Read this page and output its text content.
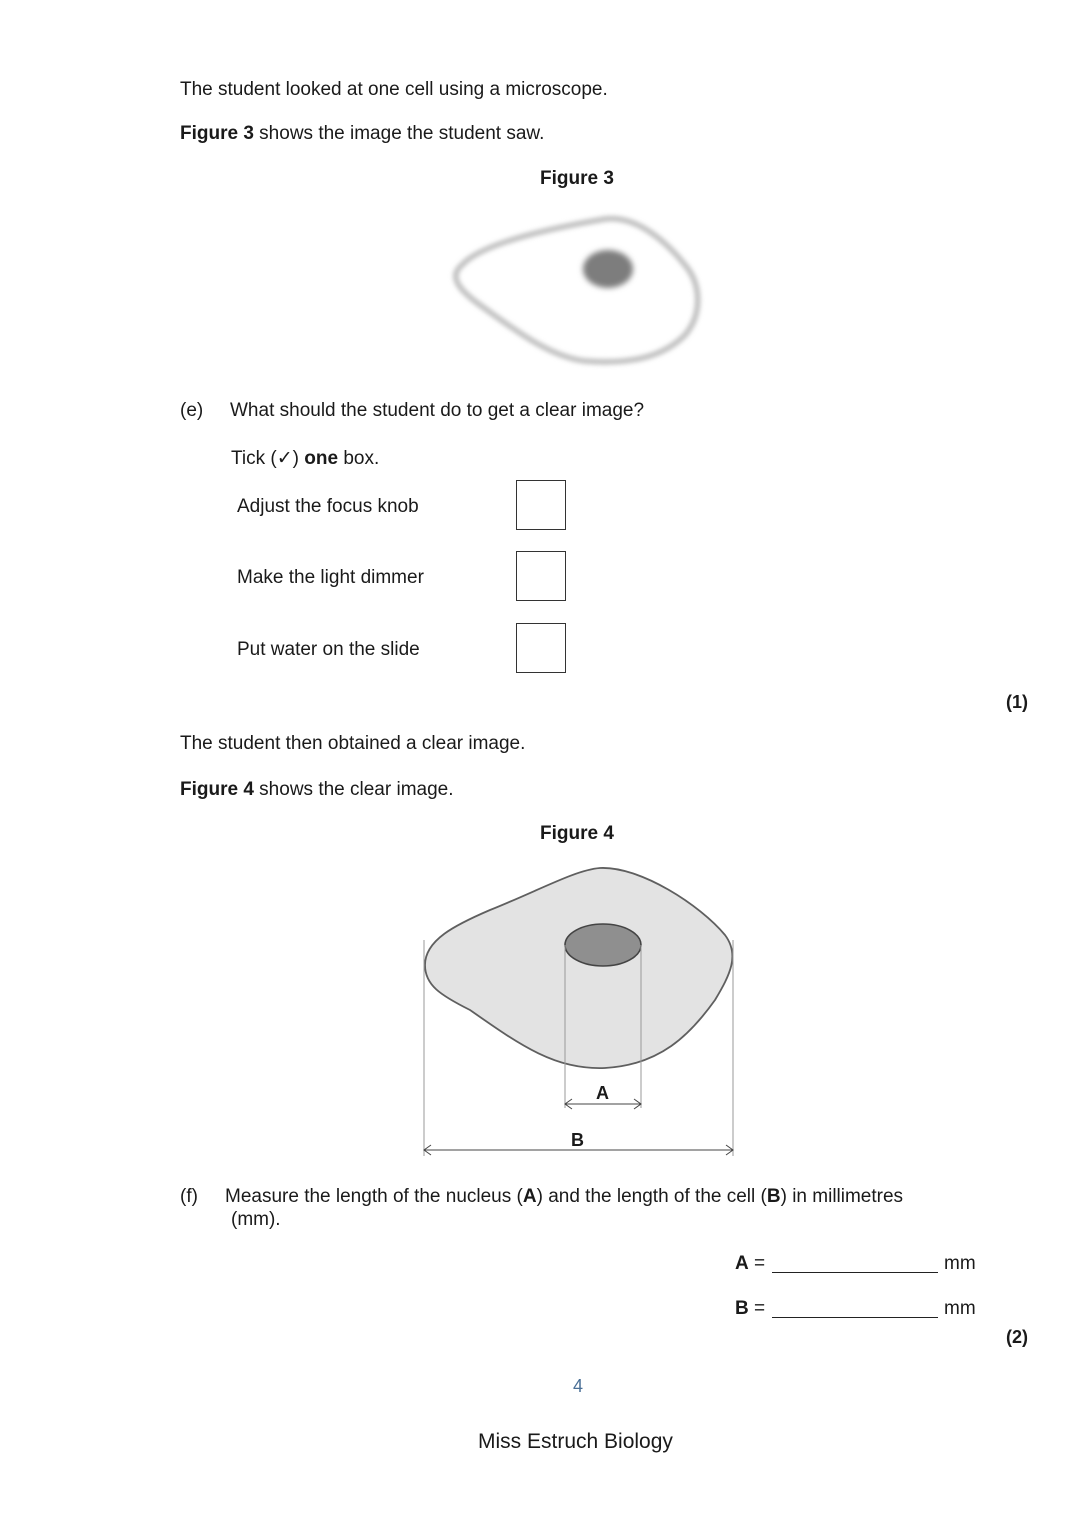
The student looked at one cell using a microscope.
Figure 3 shows the image the student saw.
Figure 3
(e) What should the student do to get a clear image?
Tick (✓) one box.
Adjust the focus knob
Make the light dimmer
Put water on the slide
(1)
The student then obtained a clear image.
Figure 4 shows the clear image.
Figure 4
A
B
(f) Measure the length of the nucleus (A) and the length of the cell (B) in millimetres
(mm).
A =	mm
B =	mm
(2)
4
Miss Estruch Biology
